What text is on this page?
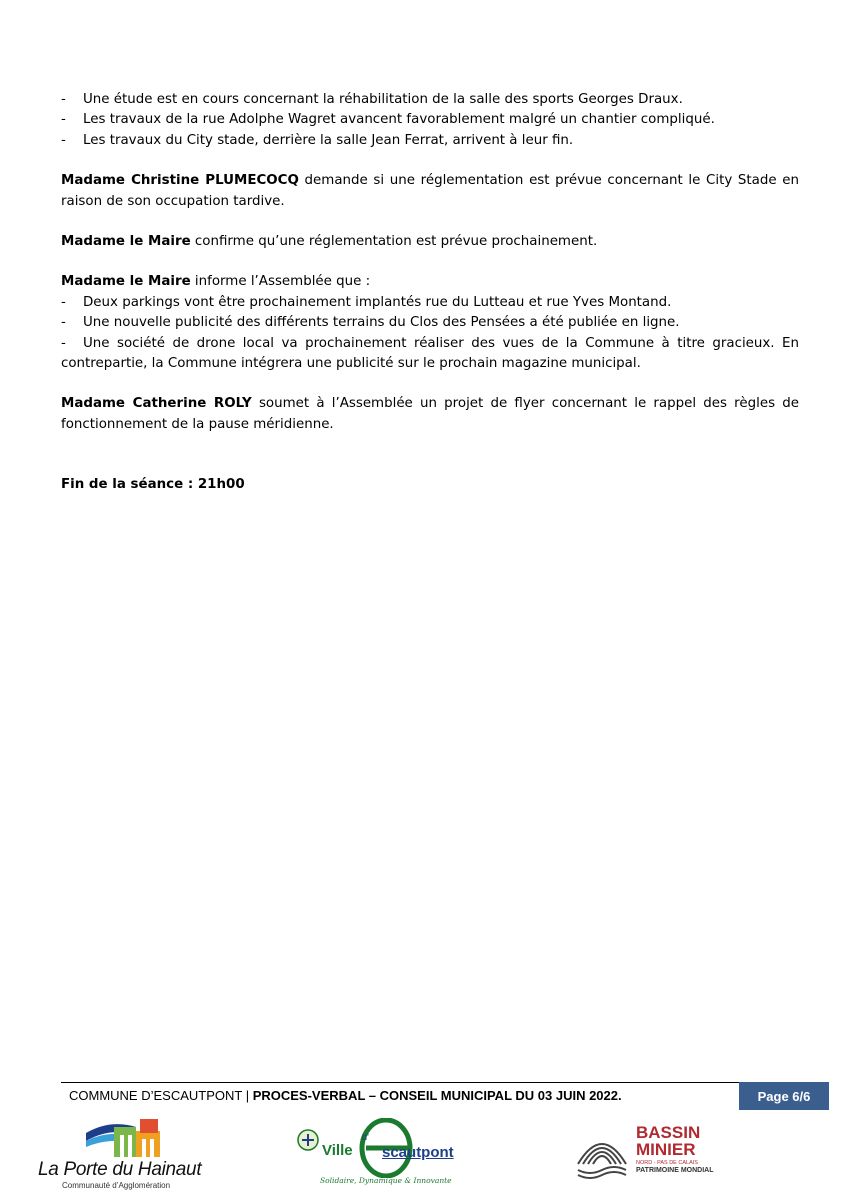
-	Une étude est en cours concernant la réhabilitation de la salle des sports Georges Draux.
-	Les travaux de la rue Adolphe Wagret avancent favorablement malgré un chantier compliqué.
-	Les travaux du City stade, derrière la salle Jean Ferrat, arrivent à leur fin.
Madame Christine PLUMECOCQ demande si une réglementation est prévue concernant le City Stade en raison de son occupation tardive.
Madame le Maire confirme qu’une réglementation est prévue prochainement.
Madame le Maire informe l’Assemblée que :
-	Deux parkings vont être prochainement implantés rue du Lutteau et rue Yves Montand.
-	Une nouvelle publicité des différents terrains du Clos des Pensées a été publiée en ligne.
- Une société de drone local va prochainement réaliser des vues de la Commune à titre gracieux. En contrepartie, la Commune intégrera une publicité sur le prochain magazine municipal.
Madame Catherine ROLY soumet à l’Assemblée un projet de flyer concernant le rappel des règles de fonctionnement de la pause méridienne.
Fin de la séance : 21h00
COMMUNE D’ESCAUTPONT | PROCES-VERBAL – CONSEIL MUNICIPAL DU 03 JUIN 2022.	Page 6/6
La Porte du Hainaut
Communauté d’Agglomération
Ville
d’
scautpont
Solidaire, Dynamique & Innovante
BASSIN
MINIER
NORD - PAS DE CALAIS
PATRIMOINE MONDIAL
